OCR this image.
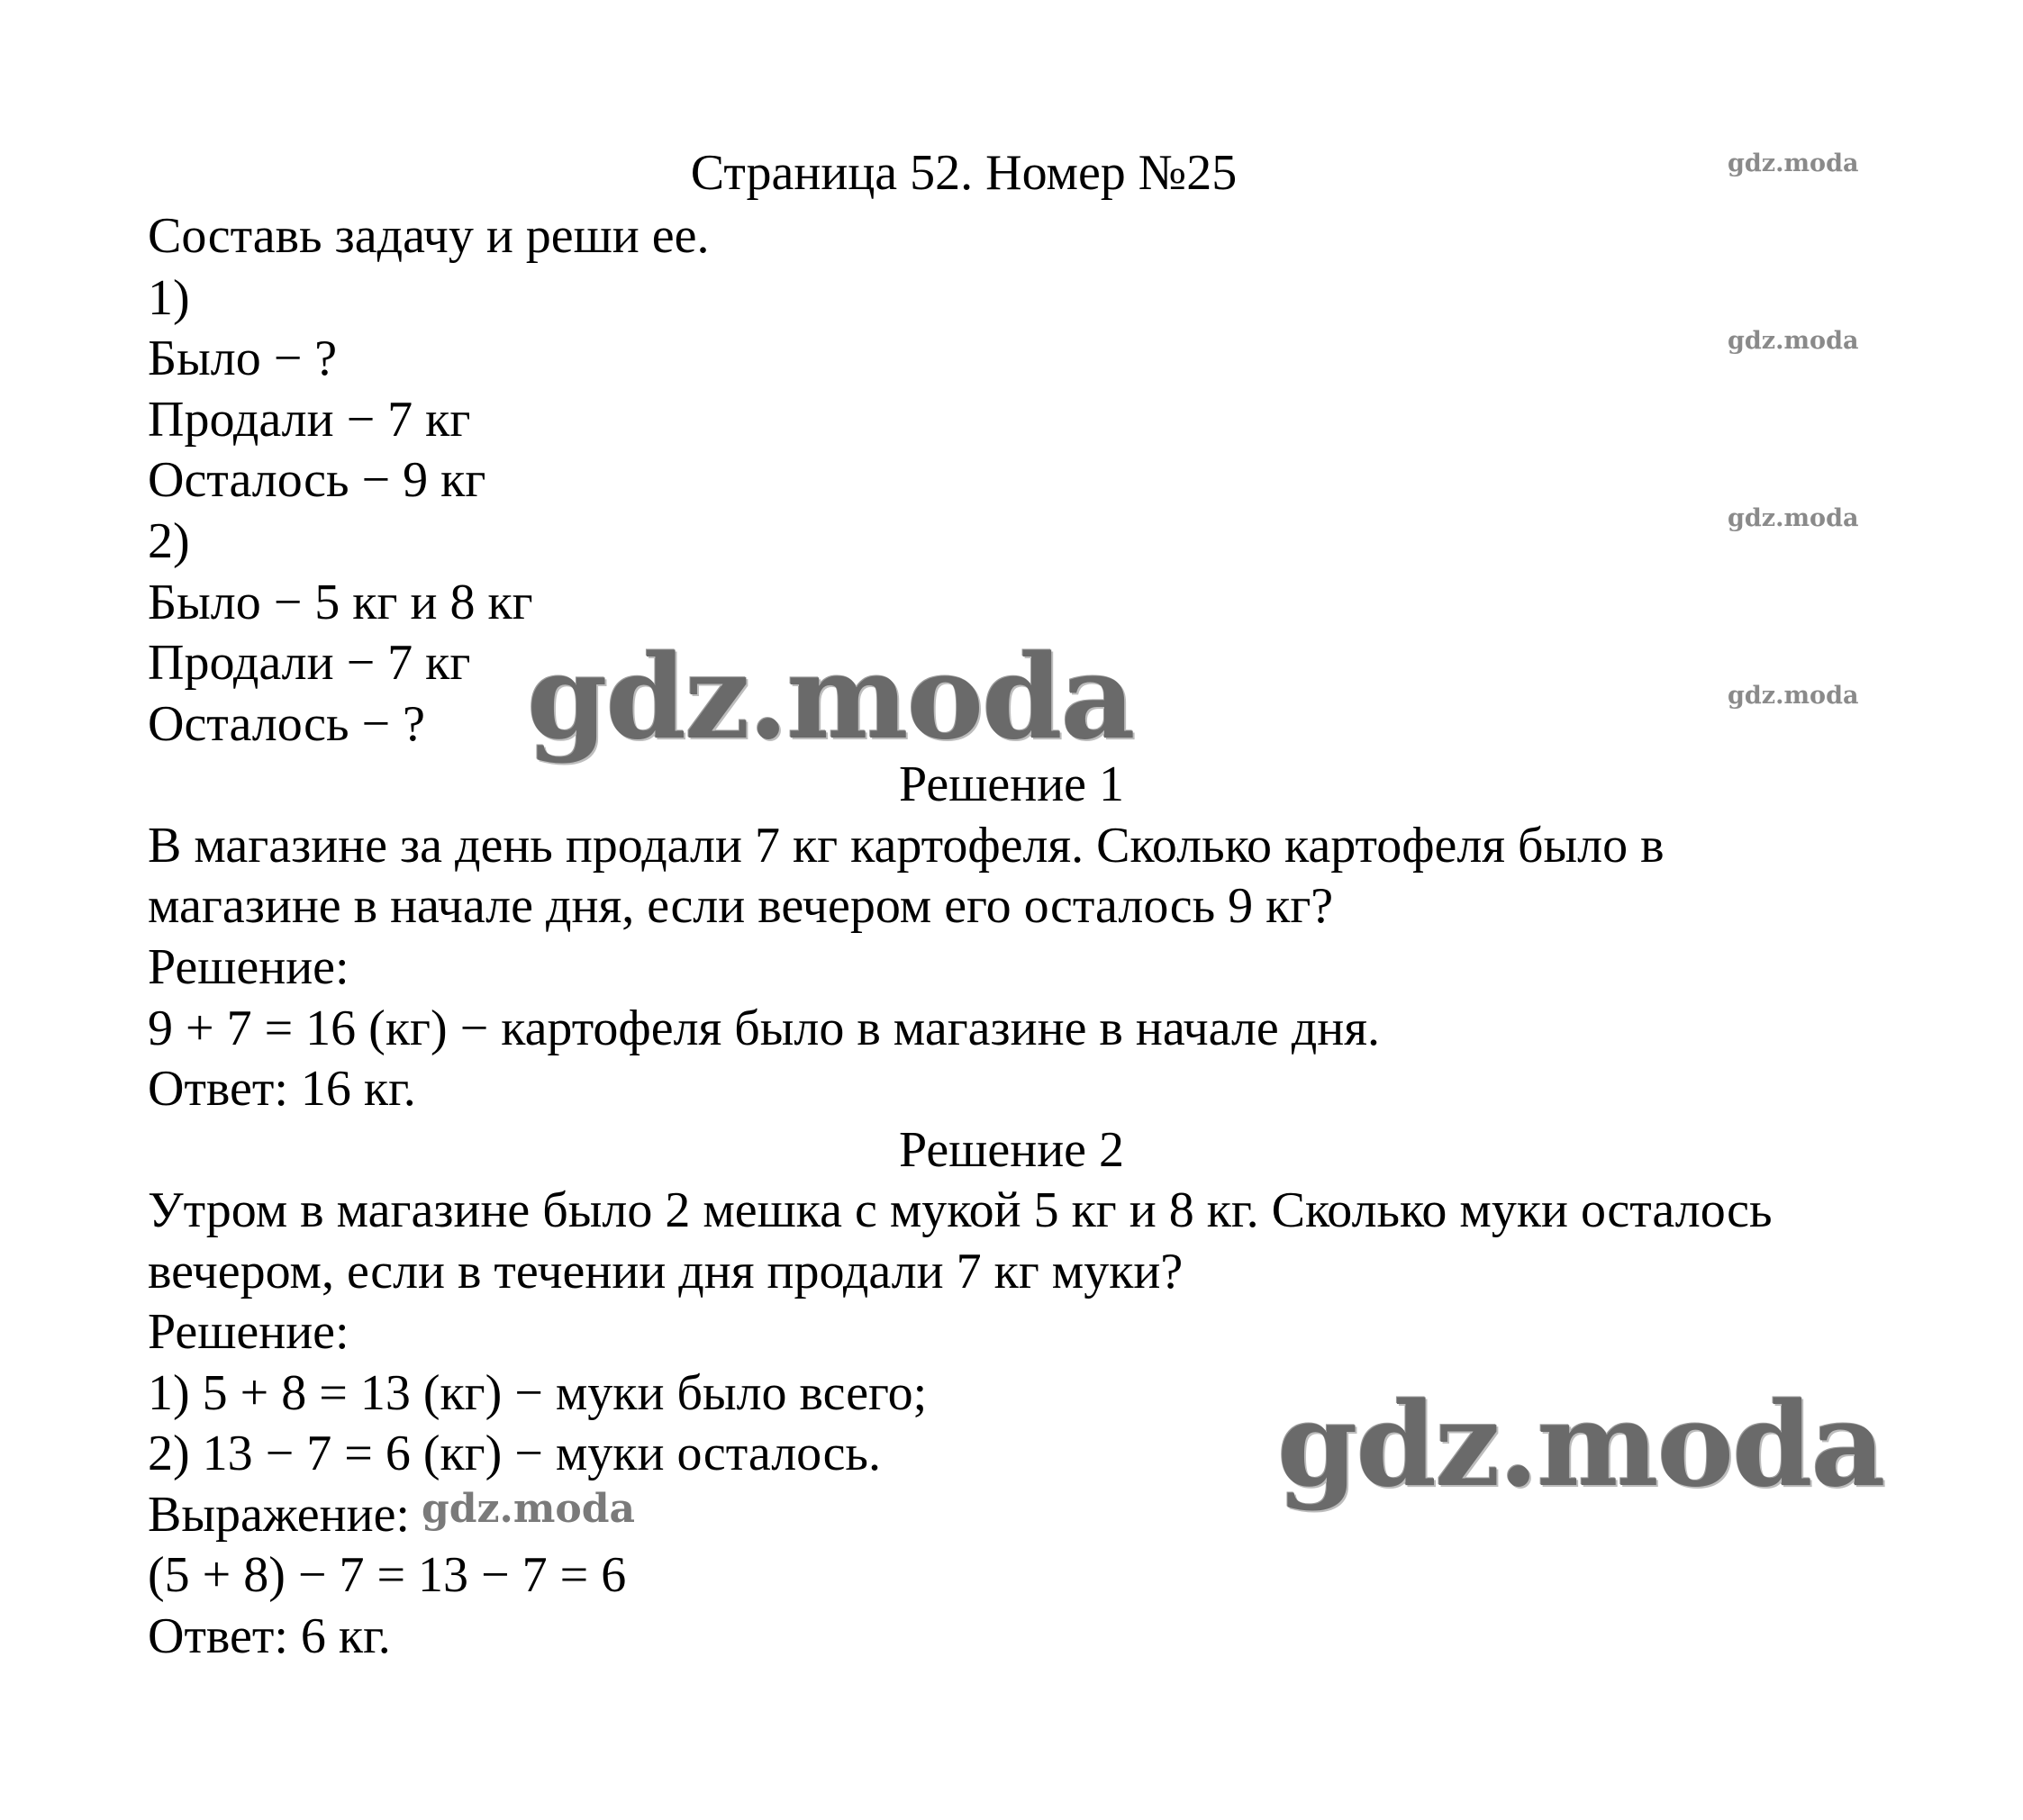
Страница 52. Номер №25
Составь задачу и реши ее.
1)
Было − ?
Продали − 7 кг
Осталось − 9 кг
2)
Было − 5 кг и 8 кг
Продали − 7 кг
Осталось − ?
Решение 1
В магазине за день продали 7 кг картофеля. Сколько картофеля было в
магазине в начале дня, если вечером его осталось 9 кг?
Решение:
9 + 7 = 16 (кг) − картофеля было в магазине в начале дня.
Ответ: 16 кг.
Решение 2
Утром в магазине было 2 мешка с мукой 5 кг и 8 кг. Сколько муки осталось
вечером, если в течении дня продали 7 кг муки?
Решение:
1) 5 + 8 = 13 (кг) − муки было всего;
2) 13 − 7 = 6 (кг) − муки осталось.
Выражение:
(5 + 8) − 7 = 13 − 7 = 6
Ответ: 6 кг.
gdz.moda
gdz.moda
gdz.moda
gdz.moda
gdz.moda
gdz.moda
gdz.moda
